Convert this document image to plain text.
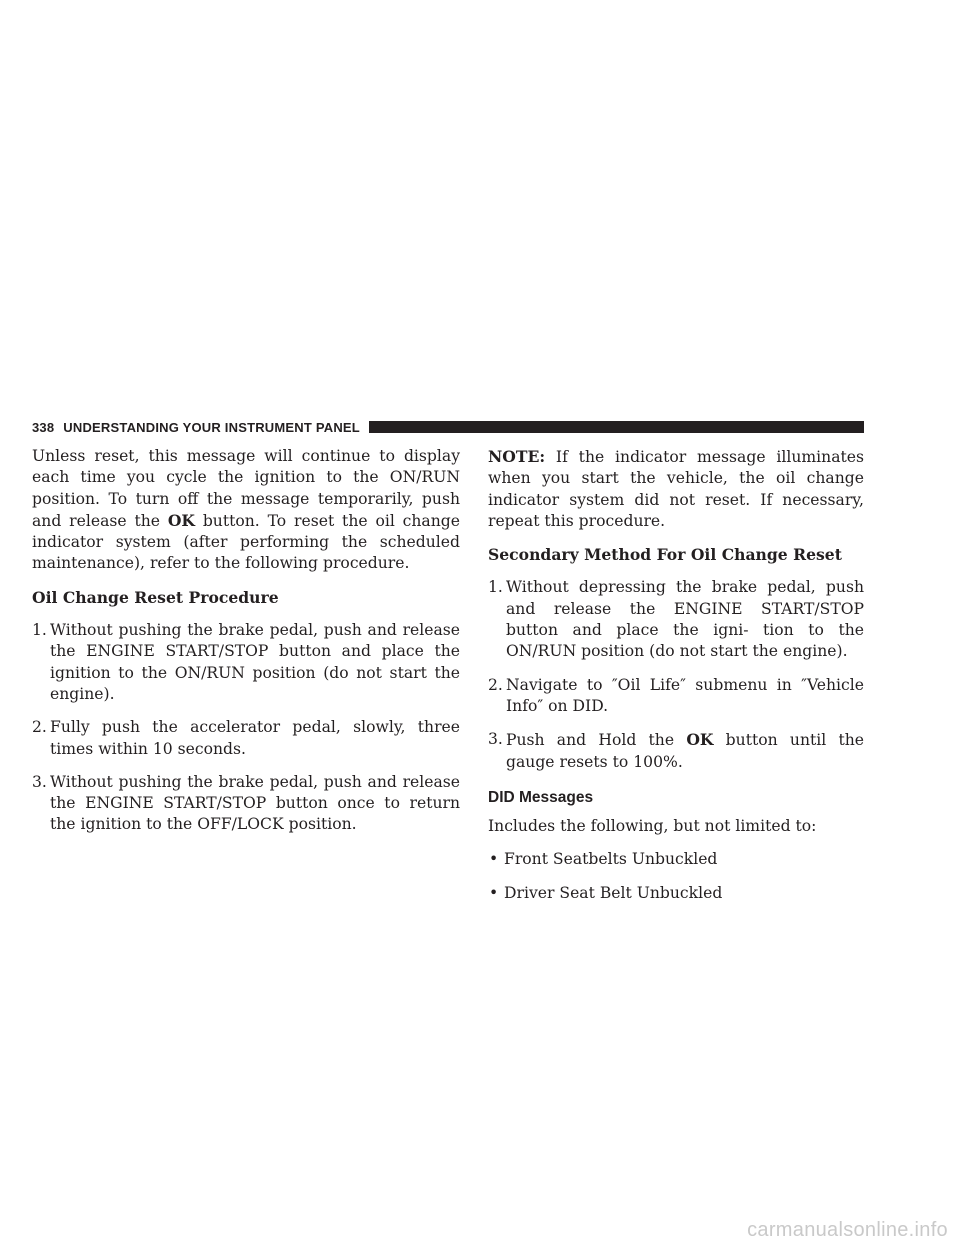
338 UNDERSTANDING YOUR INSTRUMENT PANEL

Unless reset, this message will continue to display each time you cycle the ignition to the ON/RUN position. To turn off the message temporarily, push and release the OK button. To reset the oil change indicator system (after performing the scheduled maintenance), refer to the following procedure.

Oil Change Reset Procedure

1. Without pushing the brake pedal, push and release the ENGINE START/STOP button and place the ignition to the ON/RUN position (do not start the engine).
2. Fully push the accelerator pedal, slowly, three times within 10 seconds.
3. Without pushing the brake pedal, push and release the ENGINE START/STOP button once to return the ignition to the OFF/LOCK position.

NOTE: If the indicator message illuminates when you start the vehicle, the oil change indicator system did not reset. If necessary, repeat this procedure.

Secondary Method For Oil Change Reset

1. Without depressing the brake pedal, push and release the ENGINE START/STOP button and place the igni- tion to the ON/RUN position (do not start the engine).
2. Navigate to ″Oil Life″ submenu in ″Vehicle Info″ on DID.
3. Push and Hold the OK button until the gauge resets to 100%.
DID Messages

Includes the following, but not limited to:

• Front Seatbelts Unbuckled
• Driver Seat Belt Unbuckled
carmanualsonline.info
